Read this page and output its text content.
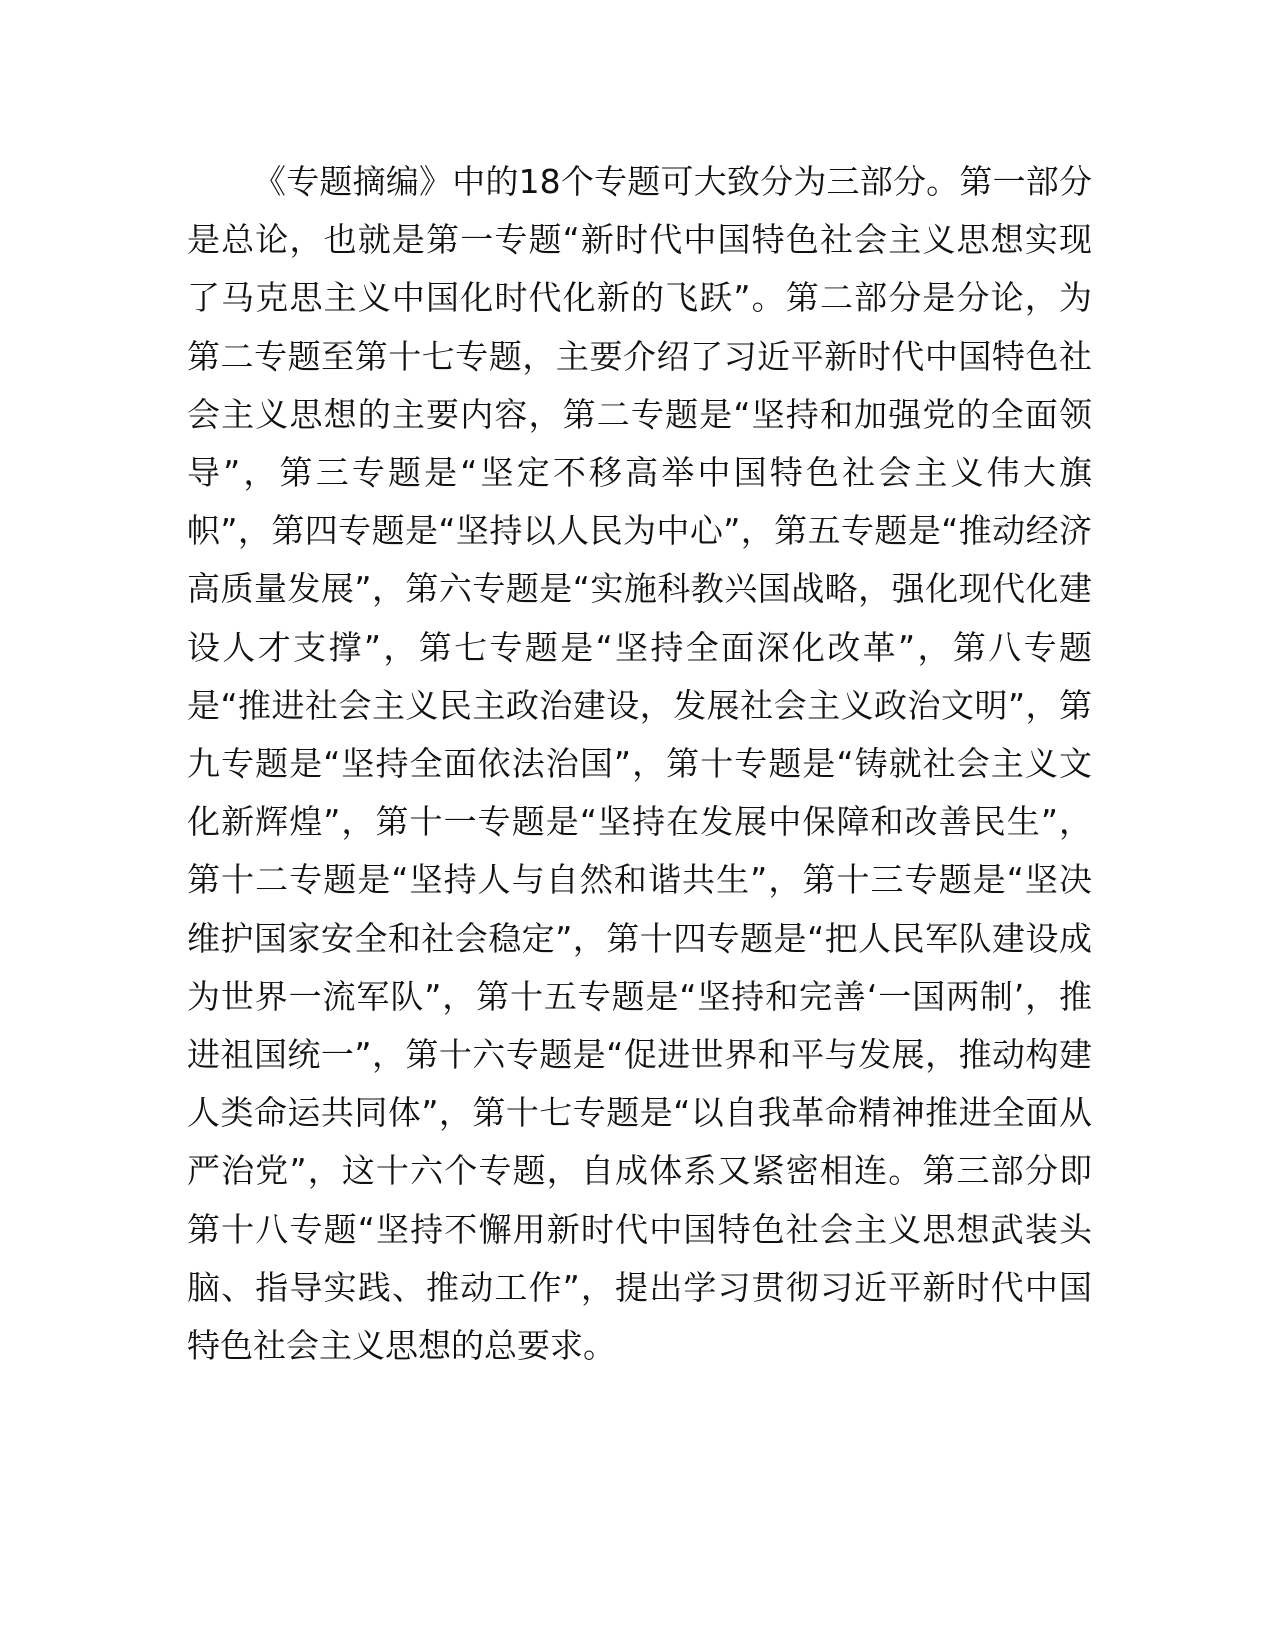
《专题摘编》中的18个专题可大致分为三部分。第一部分是总论，也就是第一专题“新时代中国特色社会主义思想实现了马克思主义中国化时代化新的飞跃”。第二部分是分论，为第二专题至第十七专题，主要介绍了习近平新时代中国特色社会主义思想的主要内容，第二专题是“坚持和加强党的全面领导”，第三专题是“坚定不移高举中国特色社会主义伟大旗帜”，第四专题是“坚持以人民为中心”，第五专题是“推动经济高质量发展”，第六专题是“实施科教兴国战略，强化现代化建设人才支撑”，第七专题是“坚持全面深化改革”，第八专题是“推进社会主义民主政治建设，发展社会主义政治文明”，第九专题是“坚持全面依法治国”，第十专题是“铸就社会主义文化新辉煌”，第十一专题是“坚持在发展中保障和改善民生”，第十二专题是“坚持人与自然和谐共生”，第十三专题是“坚决维护国家安全和社会稳定”，第十四专题是“把人民军队建设成为世界一流军队”，第十五专题是“坚持和完善‘一国两制’，推进祖国统一”，第十六专题是“促进世界和平与发展，推动构建人类命运共同体”，第十七专题是“以自我革命精神推进全面从严治党”，这十六个专题，自成体系又紧密相连。第三部分即第十八专题“坚持不懈用新时代中国特色社会主义思想武装头脑、指导实践、推动工作”，提出学习贯彻习近平新时代中国特色社会主义思想的总要求。
